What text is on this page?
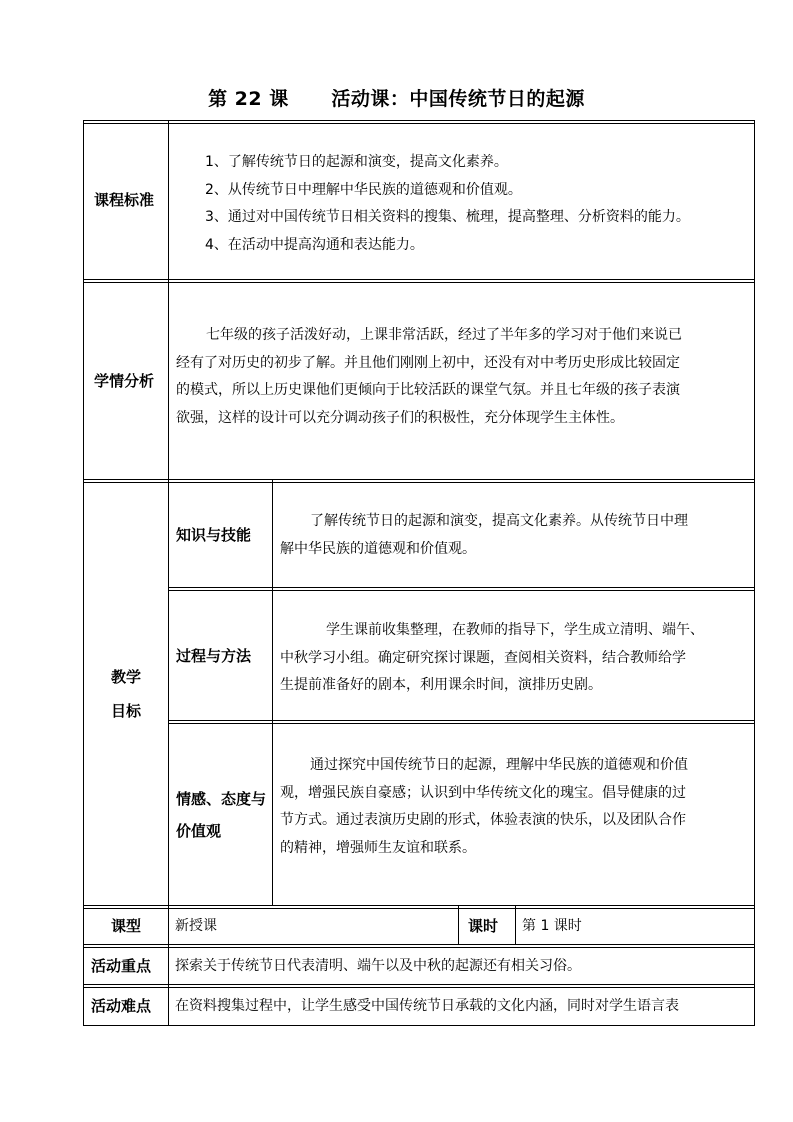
第 22 课      活动课：中国传统节日的起源
课程标准
1、了解传统节日的起源和演变，提高文化素养。
2、从传统节日中理解中华民族的道德观和价值观。
3、通过对中国传统节日相关资料的搜集、梳理，提高整理、分析资料的能力。
4、在活动中提高沟通和表达能力。
学情分析
七年级的孩子活泼好动，上课非常活跃，经过了半年多的学习对于他们来说已
经有了对历史的初步了解。并且他们刚刚上初中，还没有对中考历史形成比较固定
的模式，所以上历史课他们更倾向于比较活跃的课堂气氛。并且七年级的孩子表演
欲强，这样的设计可以充分调动孩子们的积极性，充分体现学生主体性。
教学
目标
知识与技能
了解传统节日的起源和演变，提高文化素养。从传统节日中理
解中华民族的道德观和价值观。
过程与方法
学生课前收集整理，在教师的指导下，学生成立清明、端午、
中秋学习小组。确定研究探讨课题，查阅相关资料，结合教师给学
生提前准备好的剧本，利用课余时间，演排历史剧。
情感、态度与
价值观
通过探究中国传统节日的起源，理解中华民族的道德观和价值
观，增强民族自豪感；认识到中华传统文化的瑰宝。倡导健康的过
节方式。通过表演历史剧的形式，体验表演的快乐，以及团队合作
的精神，增强师生友谊和联系。
课型 新授课	课时 第 1 课时
活动重点 探索关于传统节日代表清明、端午以及中秋的起源还有相关习俗。
活动难点 在资料搜集过程中，让学生感受中国传统节日承载的文化内涵，同时对学生语言表
